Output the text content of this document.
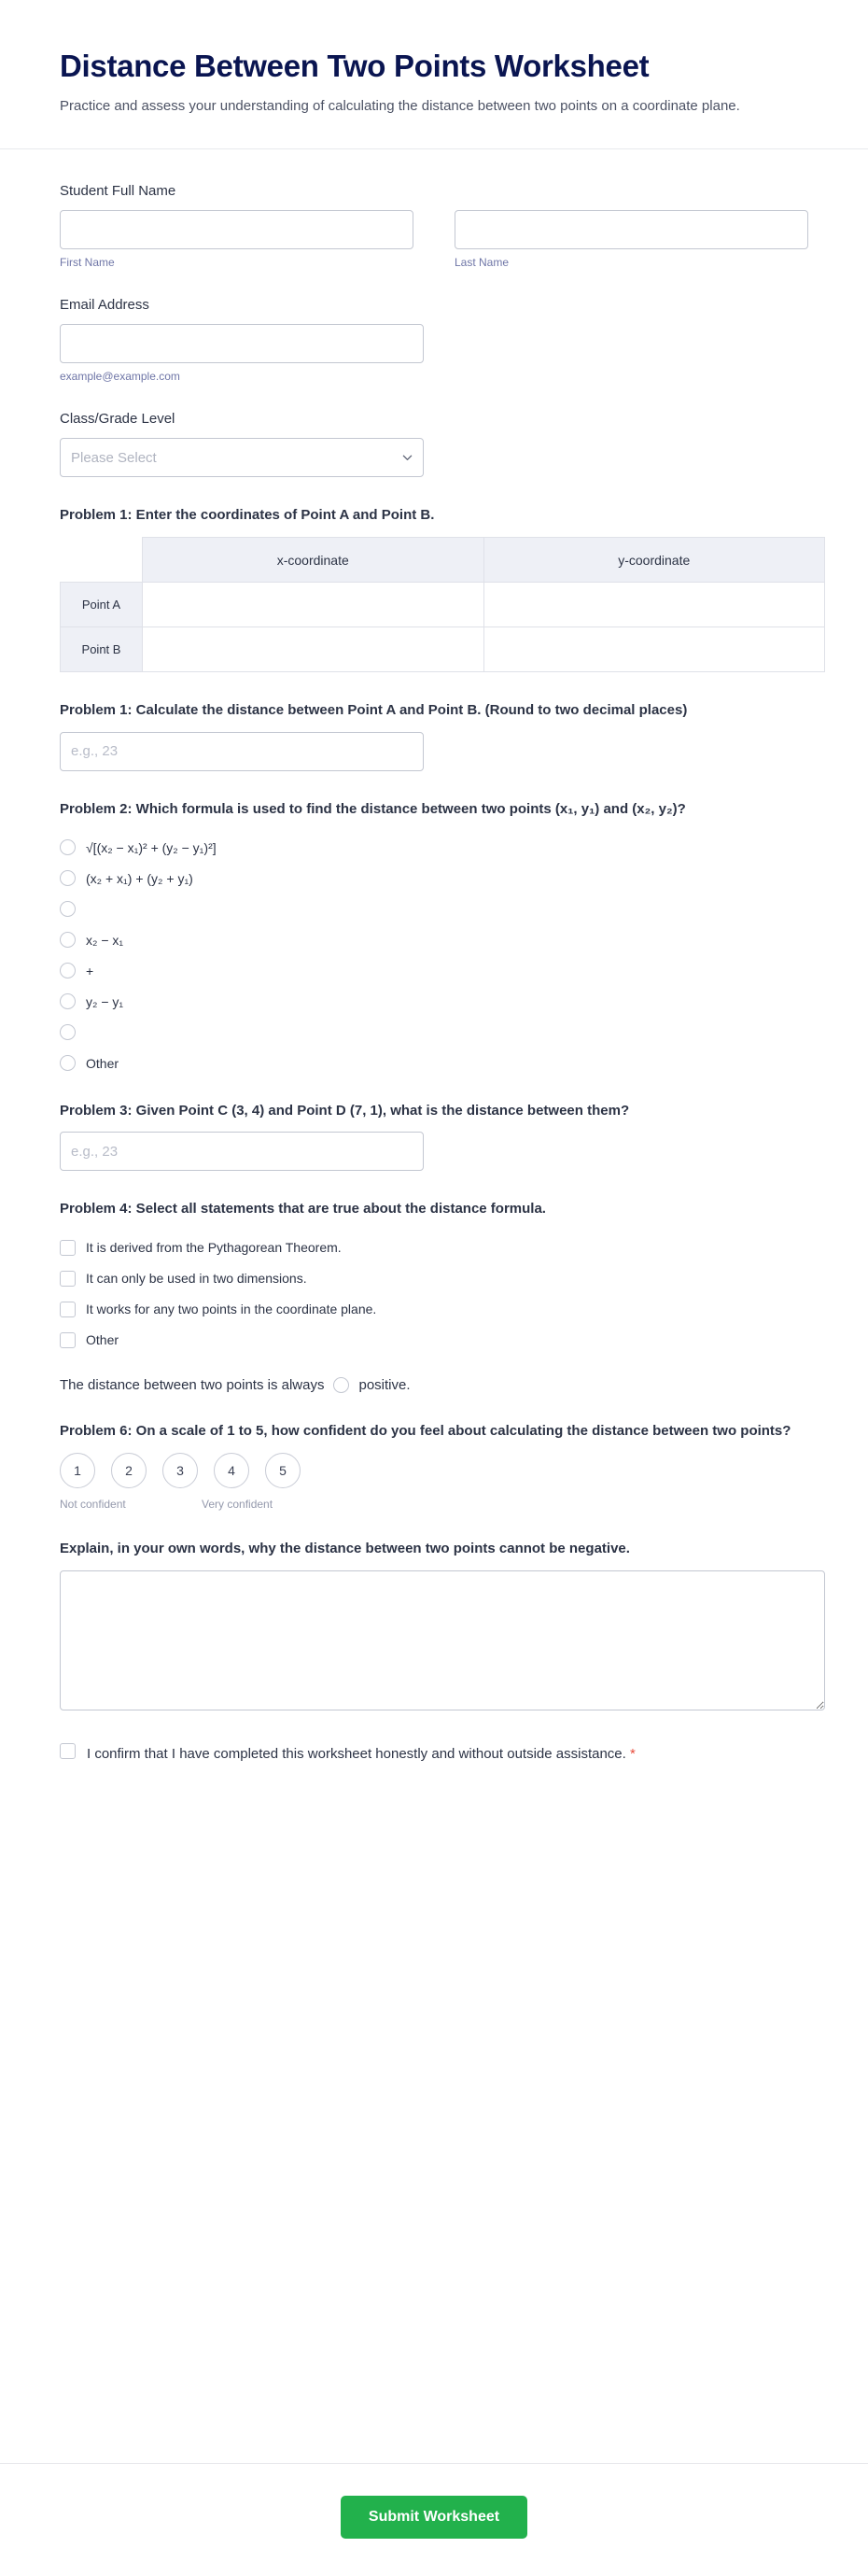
Distance Between Two Points Worksheet

Practice and assess your understanding of calculating the distance between two points on a coordinate plane.

Student Full Name
First Name	Last Name
Email Address
example@example.com
Class/Grade Level
Please Select
Problem 1: Enter the coordinates of Point A and Point B.
	x-coordinate	y-coordinate
Point A		
Point B		
Problem 1: Calculate the distance between Point A and Point B. (Round to two decimal places)
e.g., 23
Problem 2: Which formula is used to find the distance between two points (x₁, y₁) and (x₂, y₂)?
√[(x₂ − x₁)² + (y₂ − y₁)²]
(x₂ + x₁) + (y₂ + y₁)
x₂ − x₁
+
y₂ − y₁
Other
Problem 3: Given Point C (3, 4) and Point D (7, 1), what is the distance between them?
e.g., 23
Problem 4: Select all statements that are true about the distance formula.
It is derived from the Pythagorean Theorem.
It can only be used in two dimensions.
It works for any two points in the coordinate plane.
Other
The distance between two points is always positive.
Problem 6: On a scale of 1 to 5, how confident do you feel about calculating the distance between two points?
1	2	3	4	5
Not confident	Very confident
Explain, in your own words, why the distance between two points cannot be negative.
I confirm that I have completed this worksheet honestly and without outside assistance. *
Submit Worksheet
